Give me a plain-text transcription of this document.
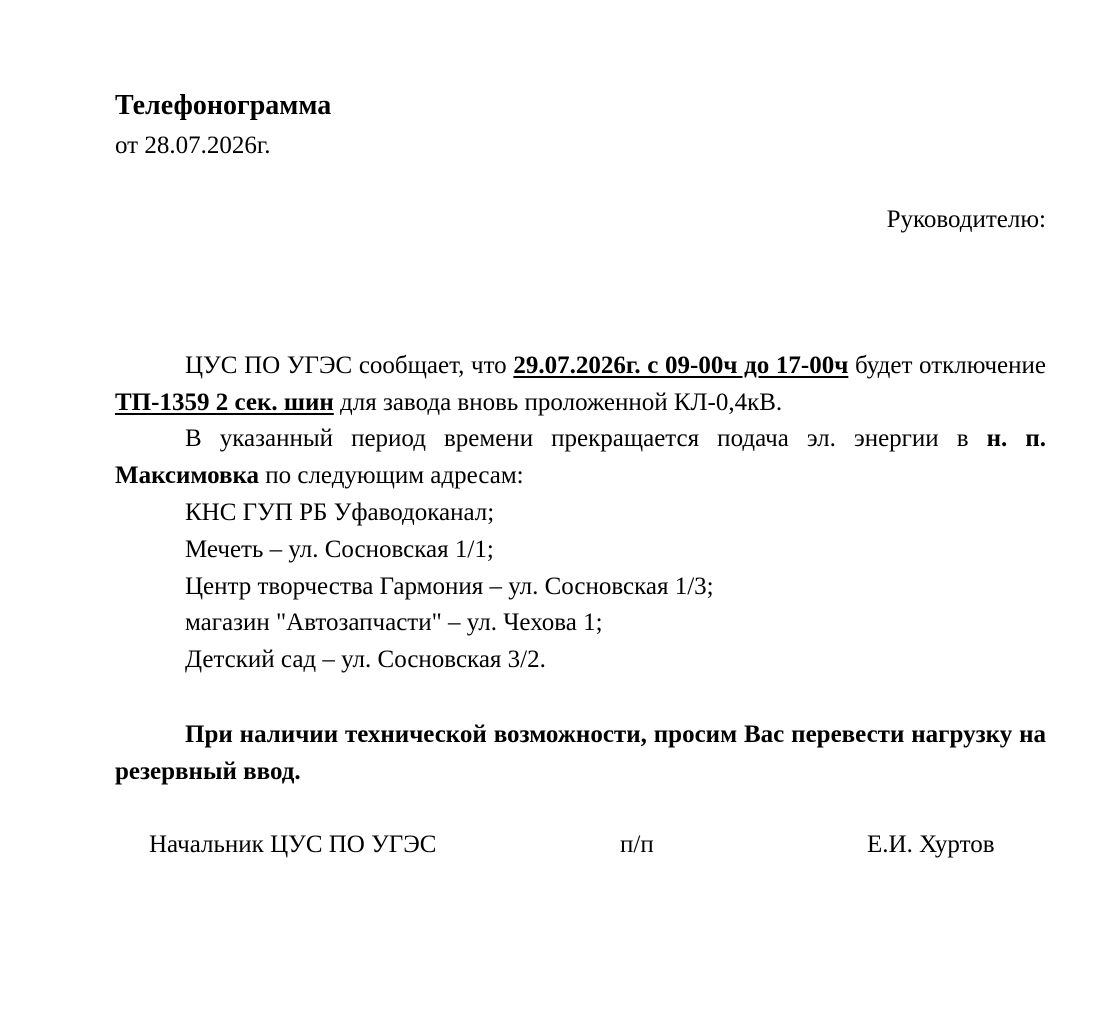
Телефонограмма
от 28.07.2026г.
Руководителю:

ЦУС ПО УГЭС сообщает, что 29.07.2026г. с 09-00ч до 17-00ч будет отключение ТП-1359 2 сек. шин для завода вновь проложенной КЛ-0,4кВ.

В указанный период времени прекращается подача эл. энергии в н. п. Максимовка по следующим адресам:

КНС ГУП РБ Уфаводоканал;
Мечеть – ул. Сосновская 1/1;
Центр творчества Гармония – ул. Сосновская 1/3;
магазин "Автозапчасти" – ул. Чехова 1;
Детский сад – ул. Сосновская 3/2.

При наличии технической возможности, просим Вас перевести нагрузку на резервный ввод.

Начальник ЦУС ПО УГЭС	п/п	Е.И. Хуртов
